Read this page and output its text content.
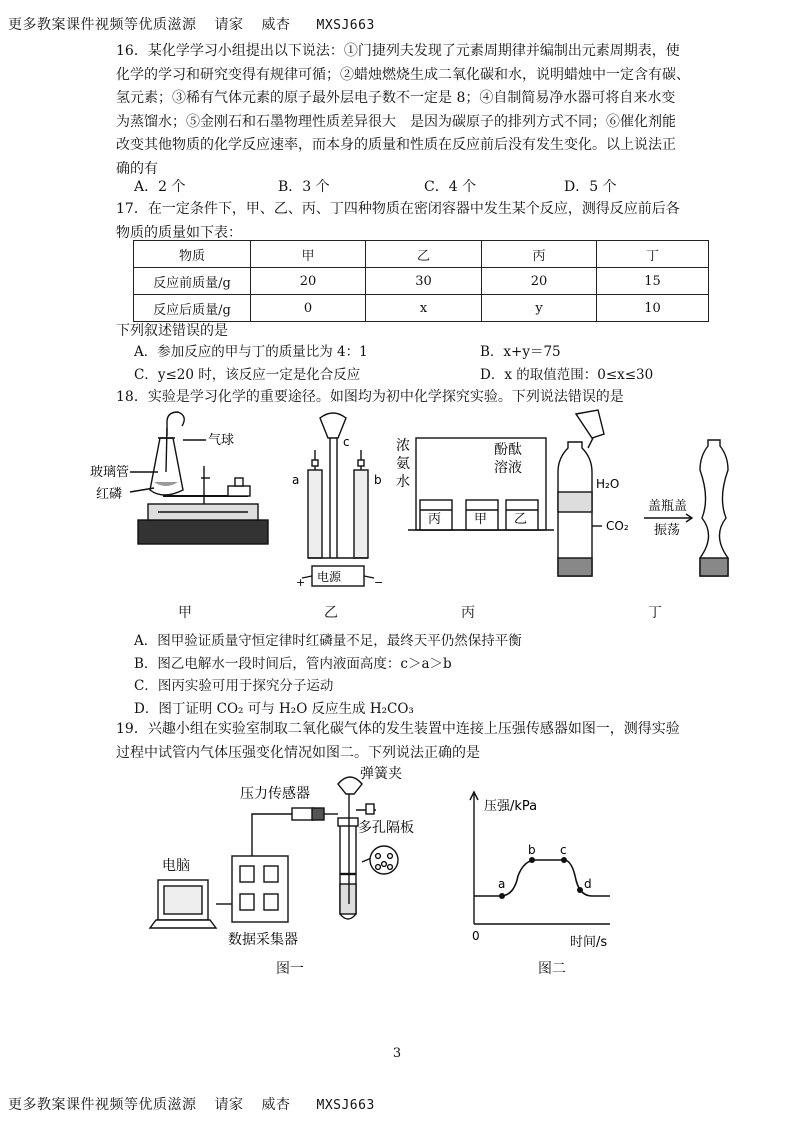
更多教案课件视频等优质滋源 请家 威杏 MXSJ663
16．某化学学习小组提出以下说法：①门捷列夫发现了元素周期律并编制出元素周期表，使
化学的学习和研究变得有规律可循；②蜡烛燃烧生成二氧化碳和水，说明蜡烛中一定含有碳、
氢元素；③稀有气体元素的原子最外层电子数不一定是 8；④自制简易净水器可将自来水变
为蒸馏水；⑤金刚石和石墨物理性质差异很大　是因为碳原子的排列方式不同；⑥催化剂能
改变其他物质的化学反应速率，而本身的质量和性质在反应前后没有发生变化。以上说法正
确的有
A．2 个	B．3 个	C．4 个	D．5 个
17．在一定条件下，甲、乙、丙、丁四种物质在密闭容器中发生某个反应，测得反应前后各
物质的质量如下表：
物质	甲	乙	丙	丁
反应前质量/g	20	30	20	15
反应后质量/g	0	x	y	10
下列叙述错误的是
A．参加反应的甲与丁的质量比为 4：1	B．x+y＝75
C．y≤20 时，该反应一定是化合反应	D．x 的取值范围：0≤x≤30
18．实验是学习化学的重要途径。如图均为初中化学探究实验。下列说法错误的是
气球
玻璃管
红磷
a	b
c
电源
+	−
浓
氨
水
酚酞
溶液
丙	甲 乙
H₂O
CO₂
盖瓶盖
振荡
甲	乙	丙	丁
A．图甲验证质量守恒定律时红磷量不足，最终天平仍然保持平衡
B．图乙电解水一段时间后，管内液面高度：c＞a＞b
C．图丙实验可用于探究分子运动
D．图丁证明 CO₂ 可与 H₂O 反应生成 H₂CO₃
19．兴趣小组在实验室制取二氧化碳气体的发生装置中连接上压强传感器如图一，测得实验
过程中试管内气体压强变化情况如图二。下列说法正确的是
压力传感器
弹簧夹
多孔隔板
电脑
数据采集器
压强/kPa
时间/s
0
a
b c
d
图一	图二
3
更多教案课件视频等优质滋源 请家 威杏 MXSJ663
